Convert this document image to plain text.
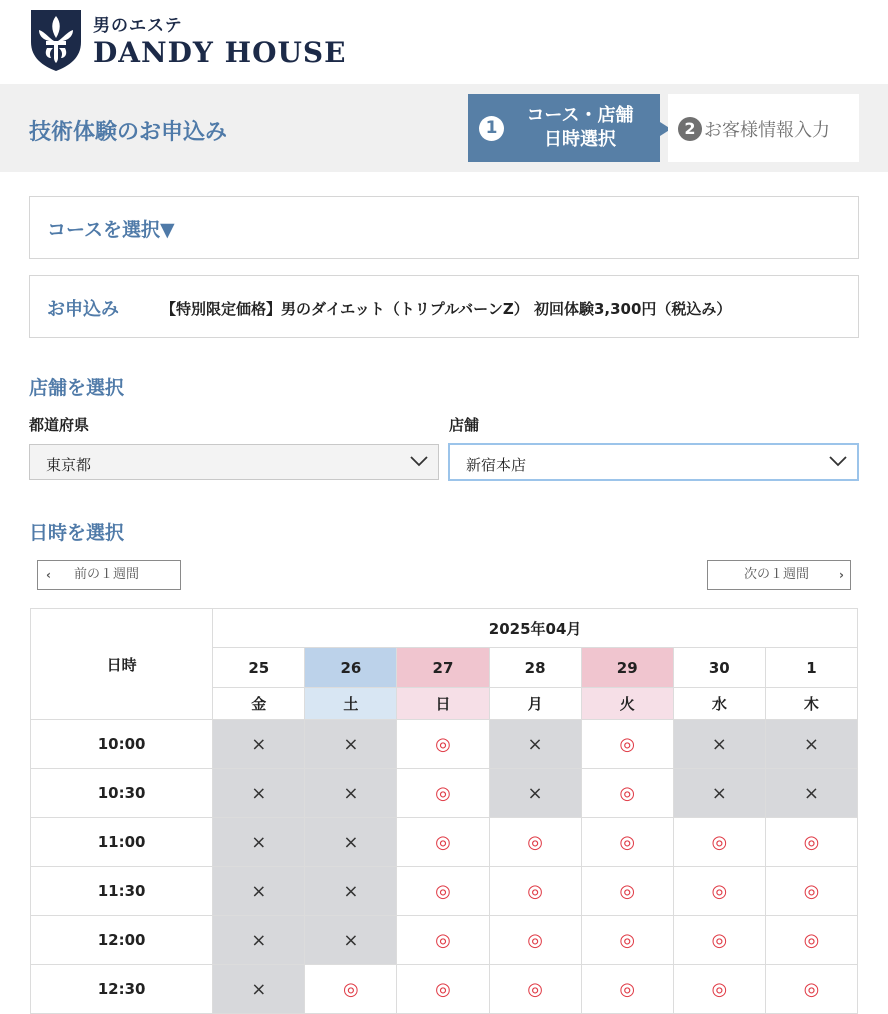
男のエステ
DANDY HOUSE
技術体験のお申込み	1
コース・店舗
日時選択
2 お客様情報入力
コースを選択▼
お申込み	【特別限定価格】男のダイエット（トリプルバーンZ） 初回体験3,300円（税込み）
店舗を選択
都道府県	店舗
東京都	新宿本店
日時を選択
‹ 前の１週間	次の１週間	›
日時	2025年04月						
	25	26	27	28	29	30	1
	金	土	日	月	火	水	木
10:00	×	×	◎	×	◎	×	×
10:30	×	×	◎	×	◎	×	×
11:00	×	×	◎	◎	◎	◎	◎
11:30	×	×	◎	◎	◎	◎	◎
12:00	×	×	◎	◎	◎	◎	◎
12:30	×	◎	◎	◎	◎	◎	◎
